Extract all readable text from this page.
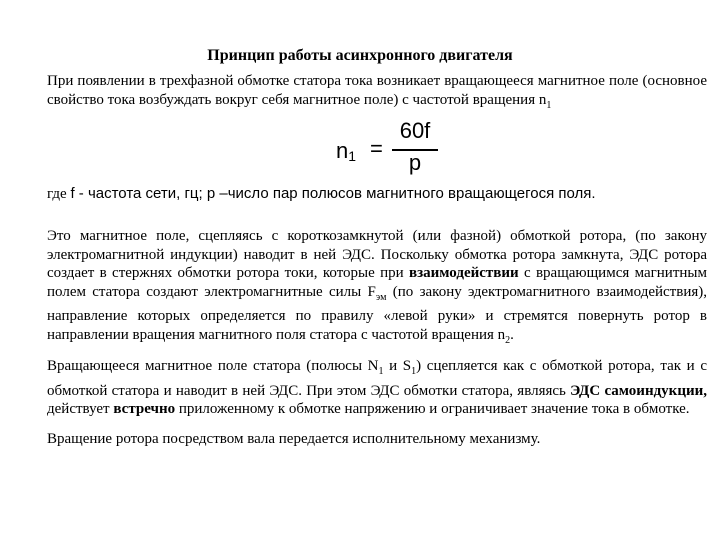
Принцип работы асинхронного двигателя
При появлении в трехфазной обмотке статора тока возникает вращающееся магнитное поле (основное свойство тока возбуждать вокруг себя магнитное поле) с частотой вращения $n_1$
$n_1$ =
60f
p
где f - частота сети, гц; р –число пар полюсов магнитного вращающегося поля.
Это магнитное поле, сцепляясь с короткозамкнутой (или фазной) обмоткой ротора, (по закону электромагнитной индукции) наводит в ней ЭДС. Поскольку обмотка ротора замкнута, ЭДС ротора создает в стержнях обмотки ротора токи, которые при взаимодействии с вращающимся магнитным полем статора создают электромагнитные силы $F_{эм}$ (по закону эдектромагнитного взаимодействия), направление которых определяется по правилу «левой руки» и стремятся повернуть ротор в направлении вращения магнитного поля статора с частотой вращения $n_2$.
Вращающееся магнитное поле статора (полюсы $N_1$ и $S_1$) сцепляется как с обмоткой ротора, так и с обмоткой статора и наводит в ней ЭДС. При этом ЭДС обмотки статора, являясь ЭДС самоиндукции, действует встречно приложенному к обмотке напряжению и ограничивает значение тока в обмотке.
Вращение ротора посредством вала передается исполнительному механизму.
